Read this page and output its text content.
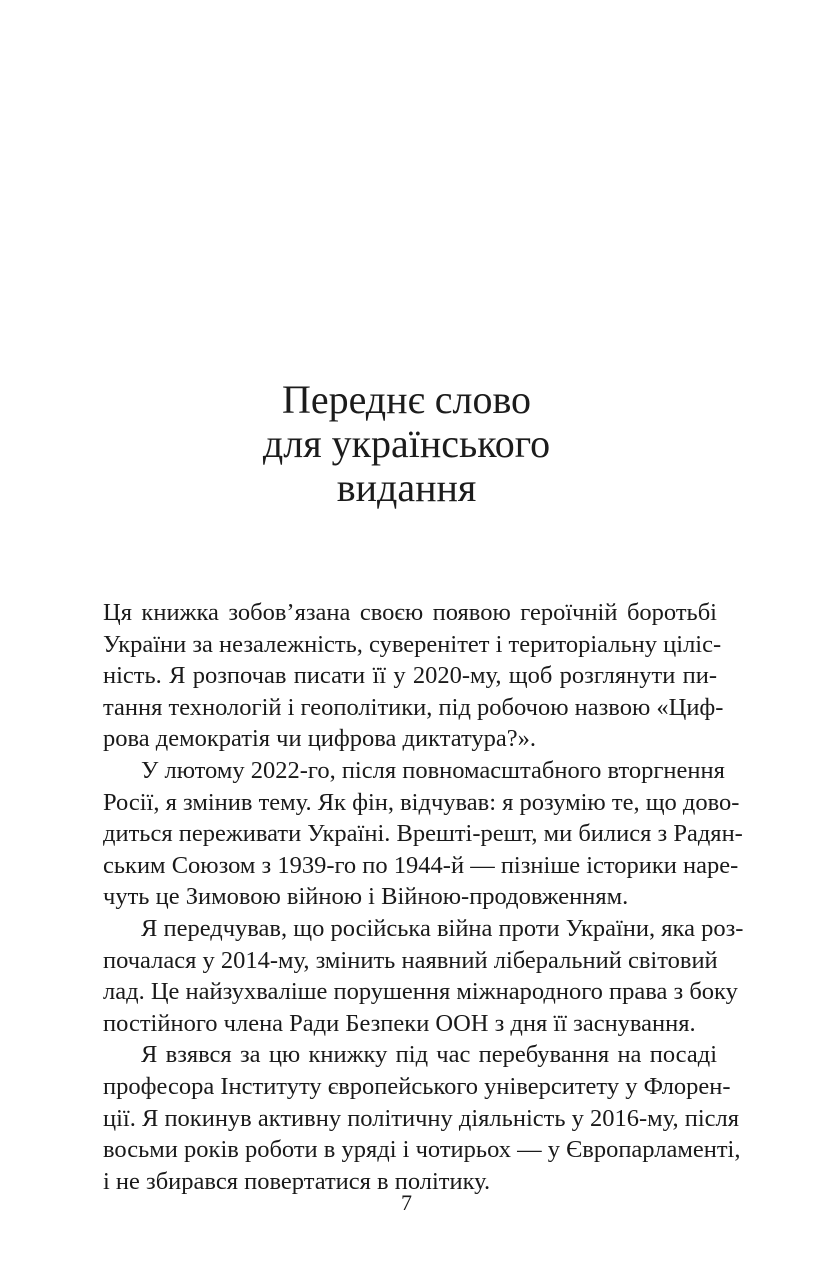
Переднє слово
для українського
видання

Ця книжка зобов’язана своєю появою героїчній боротьбі
України за незалежність, суверенітет і територіальну ціліс-
ність. Я розпочав писати її у 2020-му, щоб розглянути пи-
тання технологій і геополітики, під робочою назвою «Циф-
рова демократія чи цифрова диктатура?».

У лютому 2022-го, після повномасштабного вторгнення
Росії, я змінив тему. Як фін, відчував: я розумію те, що дово-
диться переживати Україні. Врешті-решт, ми билися з Радян-
ським Союзом з 1939-го по 1944-й — пізніше історики наре-
чуть це Зимовою війною і Війною-продовженням.

Я передчував, що російська війна проти України, яка роз-
почалася у 2014-му, змінить наявний ліберальний світовий
лад. Це найзухваліше порушення міжнародного права з боку
постійного члена Ради Безпеки ООН з дня її заснування.

Я взявся за цю книжку під час перебування на посаді
професора Інституту європейського університету у Флорен-
ції. Я покинув активну політичну діяльність у 2016-му, після
восьми років роботи в уряді і чотирьох — у Європарламенті,
і не збирався повертатися в політику.

7
